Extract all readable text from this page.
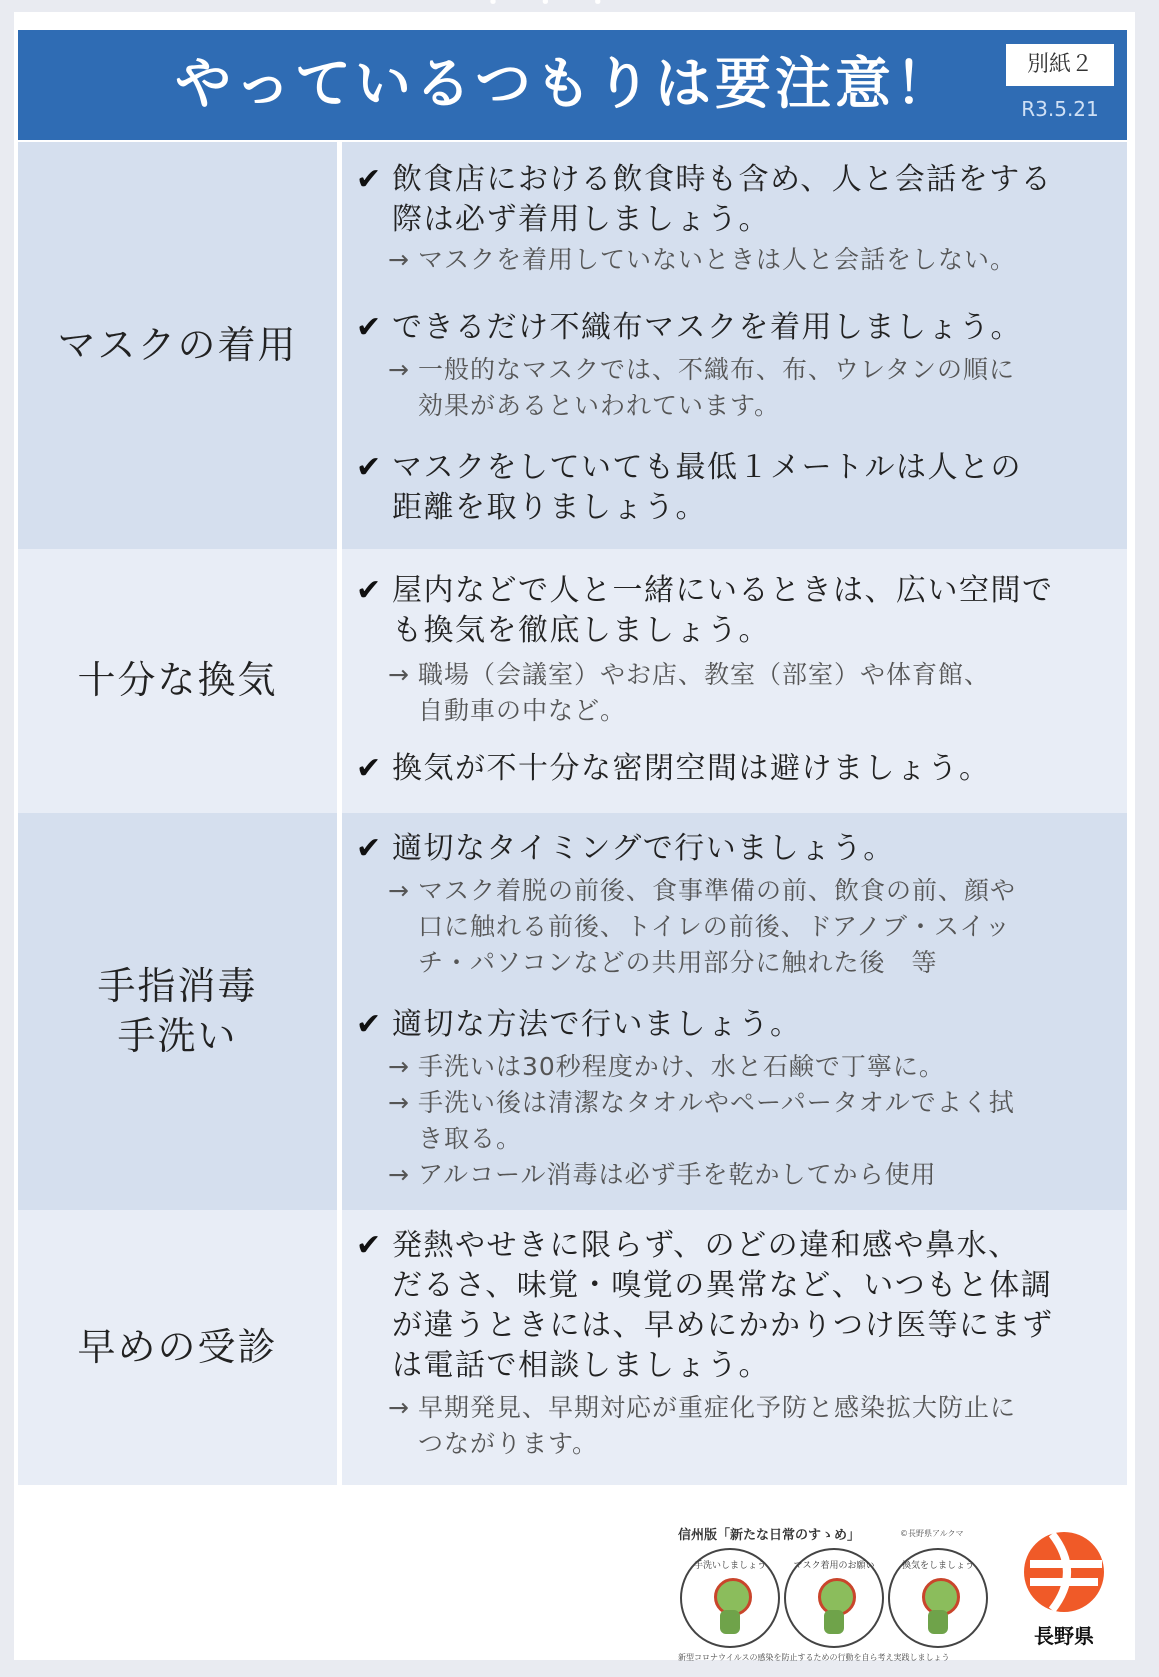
やっている・ ・ ・ つもりは要注意！	別紙２
R3.5.21
マスクの着用
✔ 飲食店における飲食時も含め、人と会話をする
際は必ず着用しましょう。
→ マスクを着用していないときは人と会話をしない。
✔ できるだけ不織布マスクを着用しましょう。
→ 一般的なマスクでは、不織布、布、ウレタンの順に
効果があるといわれています。
✔ マスクをしていても最低１メートルは人との
距離を取りましょう。
十分な換気
✔ 屋内などで人と一緒にいるときは、広い空間で
も換気を徹底しましょう。
→ 職場（会議室）やお店、教室（部室）や体育館、
自動車の中など。
✔ 換気が不十分な密閉空間は避けましょう。
手指消毒
手洗い
✔ 適切なタイミングで行いましょう。
→ マスク着脱の前後、食事準備の前、飲食の前、顔や
口に触れる前後、トイレの前後、ドアノブ・スイッ
チ・パソコンなどの共用部分に触れた後　等
✔ 適切な方法で行いましょう。
→ 手洗いは30秒程度かけ、水と石鹸で丁寧に。
→ 手洗い後は清潔なタオルやペーパータオルでよく拭
き取る。
→ アルコール消毒は必ず手を乾かしてから使用
早めの受診
✔ 発熱やせきに限らず、のどの違和感や鼻水、
だるさ、味覚・嗅覚の異常など、いつもと体調
が違うときには、早めにかかりつけ医等にまず
は電話で相談しましょう。
→ 早期発見、早期対応が重症化予防と感染拡大防止に
つながります。
信州版「新たな日常のすゝめ」	©長野県アルクマ
手洗いしましょう	マスク着用のお願い	換気をしましょう
新型コロナウイルスの感染を防止するための行動を自ら考え実践しましょう
長野県
